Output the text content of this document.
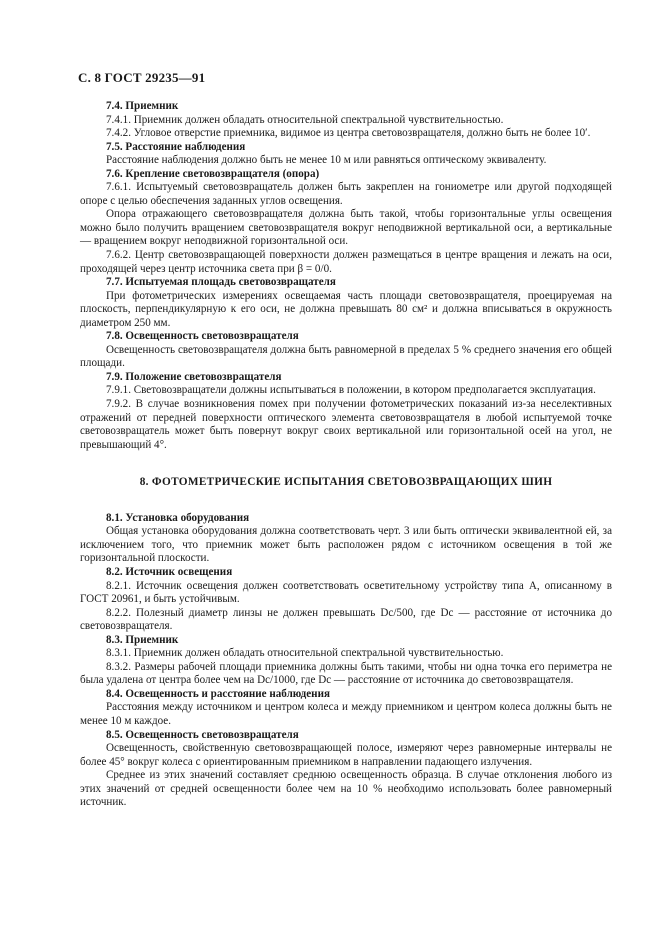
С. 8 ГОСТ 29235—91
7.4. Приемник
7.4.1. Приемник должен обладать относительной спектральной чувствительностью.
7.4.2. Угловое отверстие приемника, видимое из центра световозвращателя, должно быть не более 10′.
7.5. Расстояние наблюдения
Расстояние наблюдения должно быть не менее 10 м или равняться оптическому эквиваленту.
7.6. Крепление световозвращателя (опора)
7.6.1. Испытуемый световозвращатель должен быть закреплен на гониометре или другой подходящей опоре с целью обеспечения заданных углов освещения.
Опора отражающего световозвращателя должна быть такой, чтобы горизонтальные углы освещения можно было получить вращением световозвращателя вокруг неподвижной вертикальной оси, а вертикальные — вращением вокруг неподвижной горизонтальной оси.
7.6.2. Центр световозвращающей поверхности должен размещаться в центре вращения и лежать на оси, проходящей через центр источника света при β = 0/0.
7.7. Испытуемая площадь световозвращателя
При фотометрических измерениях освещаемая часть площади световозвращателя, проецируемая на плоскость, перпендикулярную к его оси, не должна превышать 80 см² и должна вписываться в окружность диаметром 250 мм.
7.8. Освещенность световозвращателя
Освещенность световозвращателя должна быть равномерной в пределах 5 % среднего значения его общей площади.
7.9. Положение световозвращателя
7.9.1. Световозвращатели должны испытываться в положении, в котором предполагается эксплуатация.
7.9.2. В случае возникновения помех при получении фотометрических показаний из-за неселективных отражений от передней поверхности оптического элемента световозвращателя в любой испытуемой точке световозвращатель может быть повернут вокруг своих вертикальной или горизонтальной осей на угол, не превышающий 4°.
8. ФОТОМЕТРИЧЕСКИЕ ИСПЫТАНИЯ СВЕТОВОЗВРАЩАЮЩИХ ШИН
8.1. Установка оборудования
Общая установка оборудования должна соответствовать черт. 3 или быть оптически эквивалентной ей, за исключением того, что приемник может быть расположен рядом с источником освещения в той же горизонтальной плоскости.
8.2. Источник освещения
8.2.1. Источник освещения должен соответствовать осветительному устройству типа А, описанному в ГОСТ 20961, и быть устойчивым.
8.2.2. Полезный диаметр линзы не должен превышать Dc/500, где Dc — расстояние от источника до световозвращателя.
8.3. Приемник
8.3.1. Приемник должен обладать относительной спектральной чувствительностью.
8.3.2. Размеры рабочей площади приемника должны быть такими, чтобы ни одна точка его периметра не была удалена от центра более чем на Dc/1000, где Dc — расстояние от источника до световозвращателя.
8.4. Освещенность и расстояние наблюдения
Расстояния между источником и центром колеса и между приемником и центром колеса должны быть не менее 10 м каждое.
8.5. Освещенность световозвращателя
Освещенность, свойственную световозвращающей полосе, измеряют через равномерные интервалы не более 45° вокруг колеса с ориентированным приемником в направлении падающего излучения.
Среднее из этих значений составляет среднюю освещенность образца. В случае отклонения любого из этих значений от средней освещенности более чем на 10 % необходимо использовать более равномерный источник.
